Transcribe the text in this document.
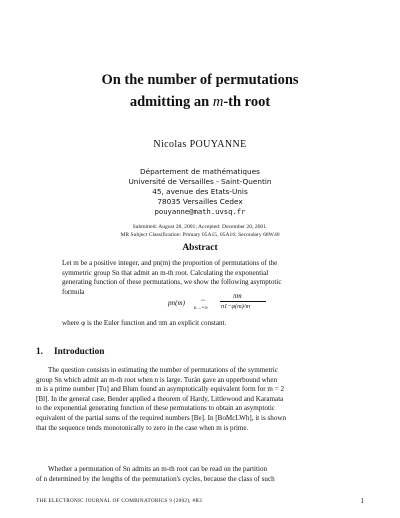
On the number of permutations
admitting an m-th root
Nicolas POUYANNE
Département de mathématiques
Université de Versailles - Saint-Quentin
45, avenue des Etats-Unis
78035 Versailles Cedex
pouyanne@math.uvsq.fr
Submitted: August 28, 2001; Accepted: December 20, 2001.
MR Subject Classification: Primary 05A15, 05A16; Secondary 68W40
Abstract
Let m be a positive integer, and pn(m) the proportion of permutations of the
symmetric group Sn that admit an m-th root. Calculating the exponential
generating function of these permutations, we show the following asymptotic
formula
pn(m) ~
n→+∞
πm
n1−φ(m)/m
where φ is the Euler function and πm an explicit constant.
1. Introduction
The question consists in estimating the number of permutations of the symmetric
group Sn which admit an m-th root when n is large. Turán gave an upperbound when
m is a prime number [Tu] and Blum found an asymptotically equivalent form for m = 2
[Bl]. In the general case, Bender applied a theorem of Hardy, Littlewood and Karamata
to the exponential generating function of these permutations to obtain an asymptotic
equivalent of the partial sums of the required numbers [Be]. In [BoMcLWh], it is shown
that the sequence tends monotonically to zero in the case when m is prime.
Whether a permutation of Sn admits an m-th root can be read on the partition
of n determined by the lengths of the permutation's cycles, because the class of such
THE ELECTRONIC JOURNAL OF COMBINATORICS 9 (2002), #R3	1
